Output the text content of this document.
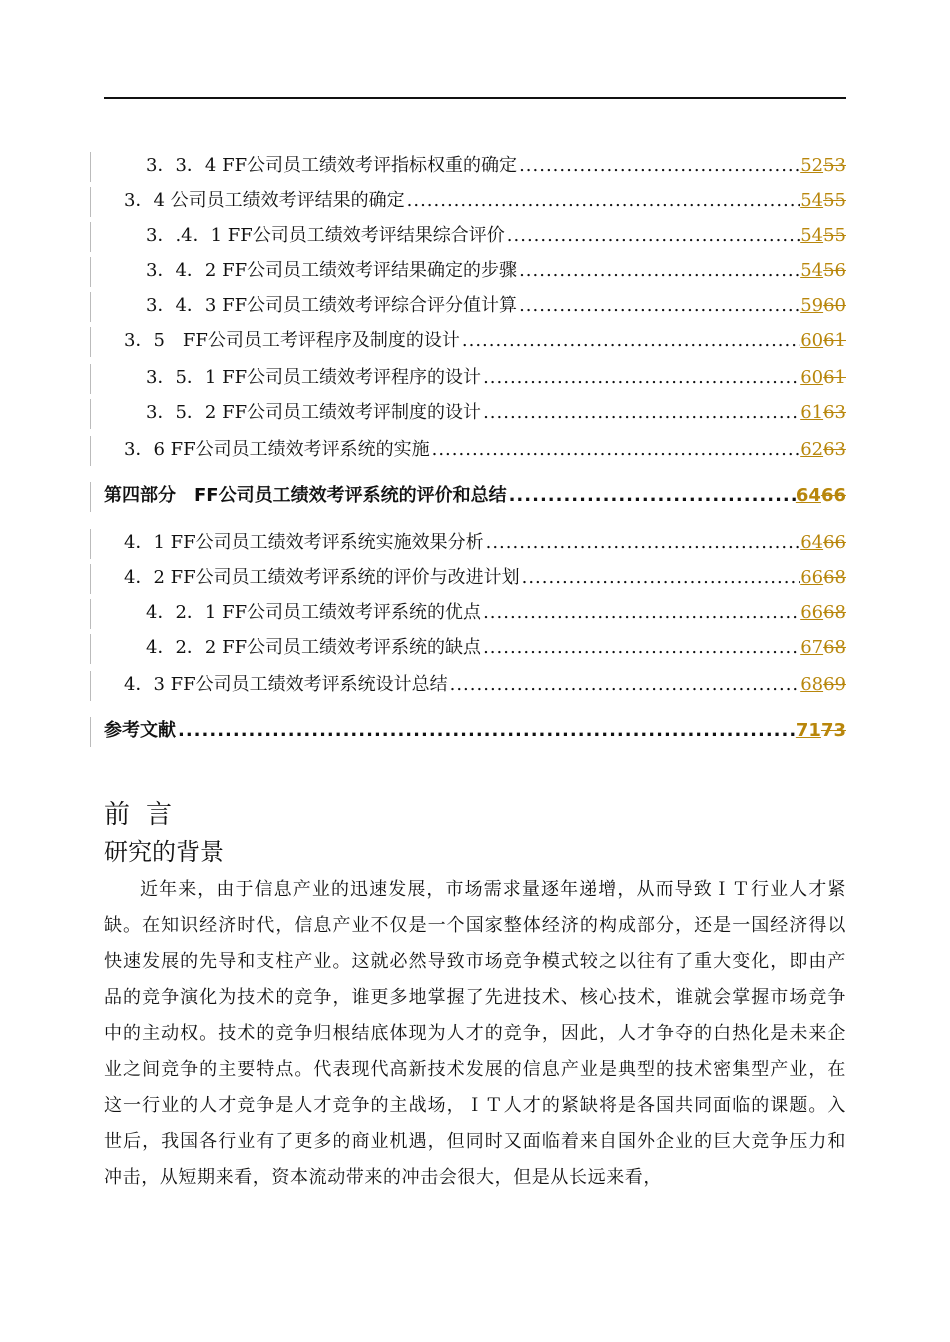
3．3．4 FF公司员工绩效考评指标权重的确定 .....	5253
3．4 公司员工绩效考评结果的确定 .....	5455
3．.4．1 FF公司员工绩效考评结果综合评价 .....	5455
3．4．2 FF公司员工绩效考评结果确定的步骤 .....	5456
3．4．3 FF公司员工绩效考评综合评分值计算 .....	5960
3．5　FF公司员工考评程序及制度的设计 .....	6061
3．5．1 FF公司员工绩效考评程序的设计 .....	6061
3．5．2 FF公司员工绩效考评制度的设计 .....	6163
3．6 FF公司员工绩效考评系统的实施 .....	6263
第四部分　FF公司员工绩效考评系统的评价和总结 .....	6466
4．1 FF公司员工绩效考评系统实施效果分析 .....	6466
4．2 FF公司员工绩效考评系统的评价与改进计划 .....	6668
4．2．1 FF公司员工绩效考评系统的优点 .....	6668
4．2．2 FF公司员工绩效考评系统的缺点 .....	6768
4．3 FF公司员工绩效考评系统设计总结 .....	6869
参考文献 .....	7173
前言
研究的背景
近年来，由于信息产业的迅速发展，市场需求量逐年递增，从而导致ＩＴ行业人才紧缺。在知识经济时代，信息产业不仅是一个国家整体经济的构成部分，还是一国经济得以快速发展的先导和支柱产业。这就必然导致市场竞争模式较之以往有了重大变化，即由产品的竞争演化为技术的竞争，谁更多地掌握了先进技术、核心技术，谁就会掌握市场竞争中的主动权。技术的竞争归根结底体现为人才的竞争，因此，人才争夺的白热化是未来企业之间竞争的主要特点。代表现代高新技术发展的信息产业是典型的技术密集型产业，在这一行业的人才竞争是人才竞争的主战场，ＩＴ人才的紧缺将是各国共同面临的课题。入世后，我国各行业有了更多的商业机遇，但同时又面临着来自国外企业的巨大竞争压力和冲击，从短期来看，资本流动带来的冲击会很大，但是从长远来看，
